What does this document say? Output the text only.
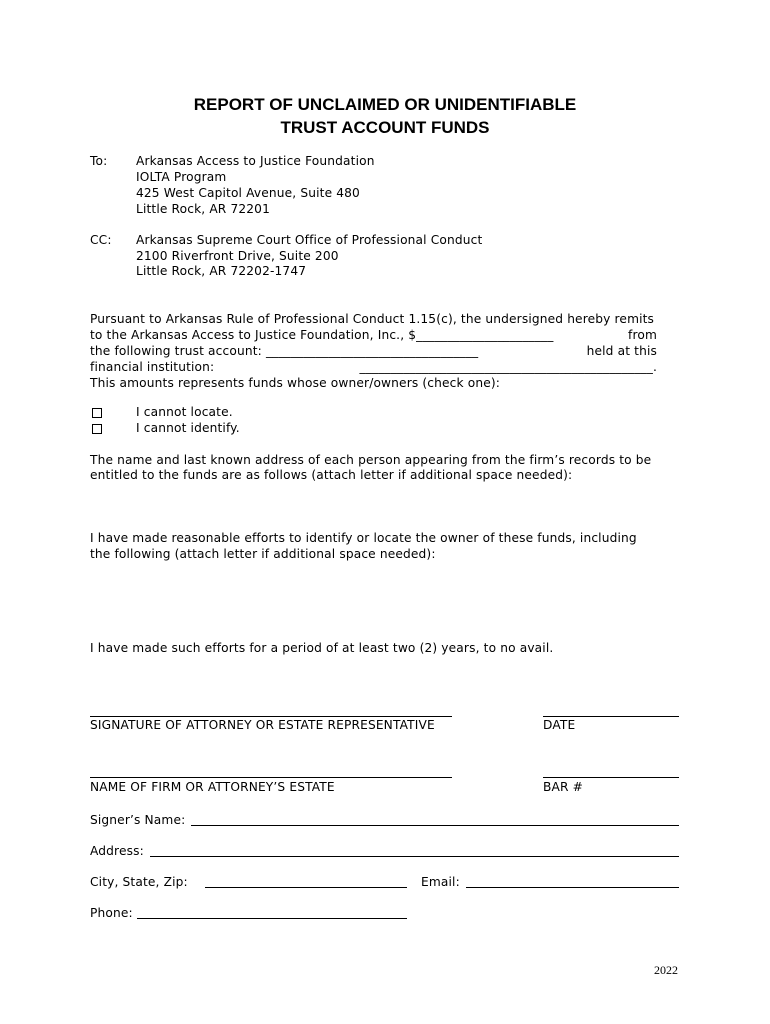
REPORT OF UNCLAIMED OR UNIDENTIFIABLE
TRUST ACCOUNT FUNDS
To: Arkansas Access to Justice Foundation
IOLTA Program
425 West Capitol Avenue, Suite 480
Little Rock, AR 72201
CC: Arkansas Supreme Court Office of Professional Conduct
2100 Riverfront Drive, Suite 200
Little Rock, AR 72202-1747
Pursuant to Arkansas Rule of Professional Conduct 1.15(c), the undersigned hereby remits
to the Arkansas Access to Justice Foundation, Inc., $______________________	from
the following trust account: __________________________________	held at this
financial institution:	_______________________________________________.
This amounts represents funds whose owner/owners (check one):
I cannot locate.
I cannot identify.
The name and last known address of each person appearing from the firm’s records to be
entitled to the funds are as follows (attach letter if additional space needed):
I have made reasonable efforts to identify or locate the owner of these funds, including
the following (attach letter if additional space needed):
I have made such efforts for a period of at least two (2) years, to no avail.
SIGNATURE OF ATTORNEY OR ESTATE REPRESENTATIVE	DATE
NAME OF FIRM OR ATTORNEY’S ESTATE	BAR #
Signer’s Name:
Address:
City, State, Zip:	Email:
Phone:
2022
